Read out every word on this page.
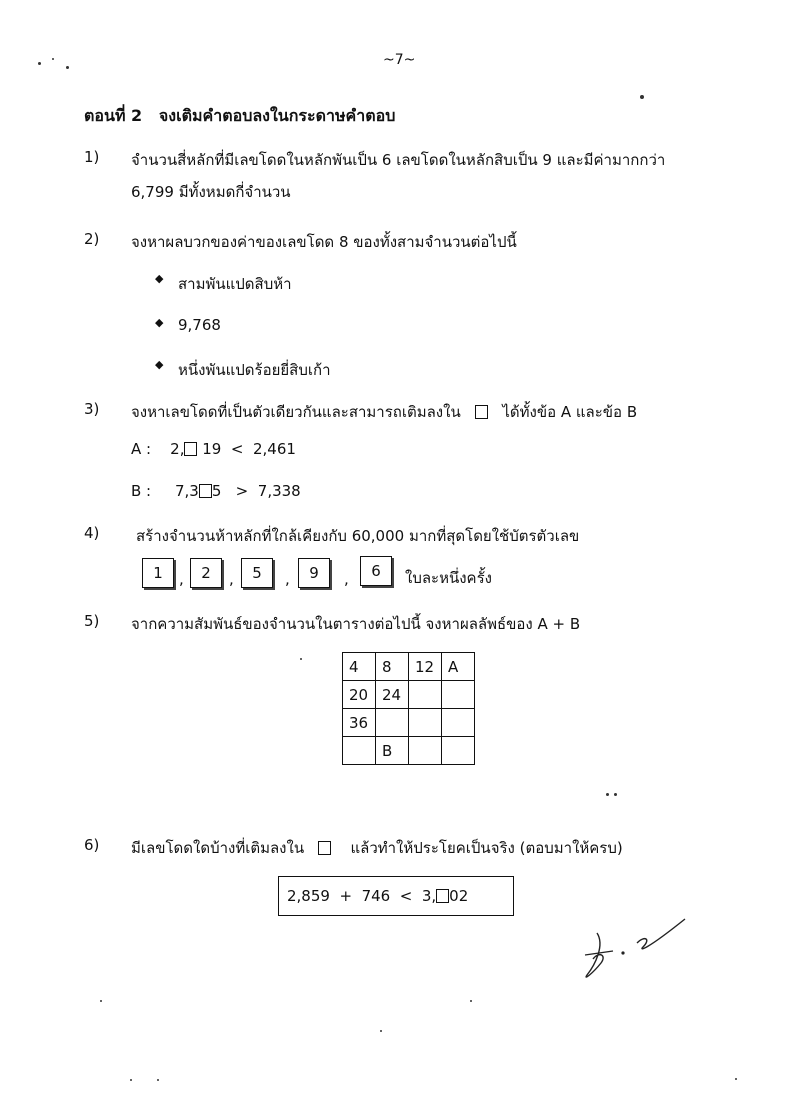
~7~
ตอนที่ 2 จงเติมคำตอบลงในกระดาษคำตอบ
1) จำนวนสี่หลักที่มีเลขโดดในหลักพันเป็น 6 เลขโดดในหลักสิบเป็น 9 และมีค่ามากกว่า
6,799 มีทั้งหมดกี่จำนวน
2) จงหาผลบวกของค่าของเลขโดด 8 ของทั้งสามจำนวนต่อไปนี้
◆ สามพันแปดสิบห้า
◆ 9,768
◆ หนึ่งพันแปดร้อยยี่สิบเก้า
3) จงหาเลขโดดที่เป็นตัวเดียวกันและสามารถเติมลงใน	ได้ทั้งข้อ A และข้อ B
A : 2, 19  <  2,461
B : 7,3 5   >  7,338
4) สร้างจำนวนห้าหลักที่ใกล้เคียงกับ 60,000 มากที่สุดโดยใช้บัตรตัวเลข
1	,	2	,	5	,	9	,	6	ใบละหนึ่งครั้ง
5) จากความสัมพันธ์ของจำนวนในตารางต่อไปนี้ จงหาผลลัพธ์ของ A + B
4	8	12	A
20	24		
36			
	B		
6) มีเลขโดดใดบ้างที่เติมลงใน	แล้วทำให้ประโยคเป็นจริง (ตอบมาให้ครบ)
2,859  +  746  <  3, 02
